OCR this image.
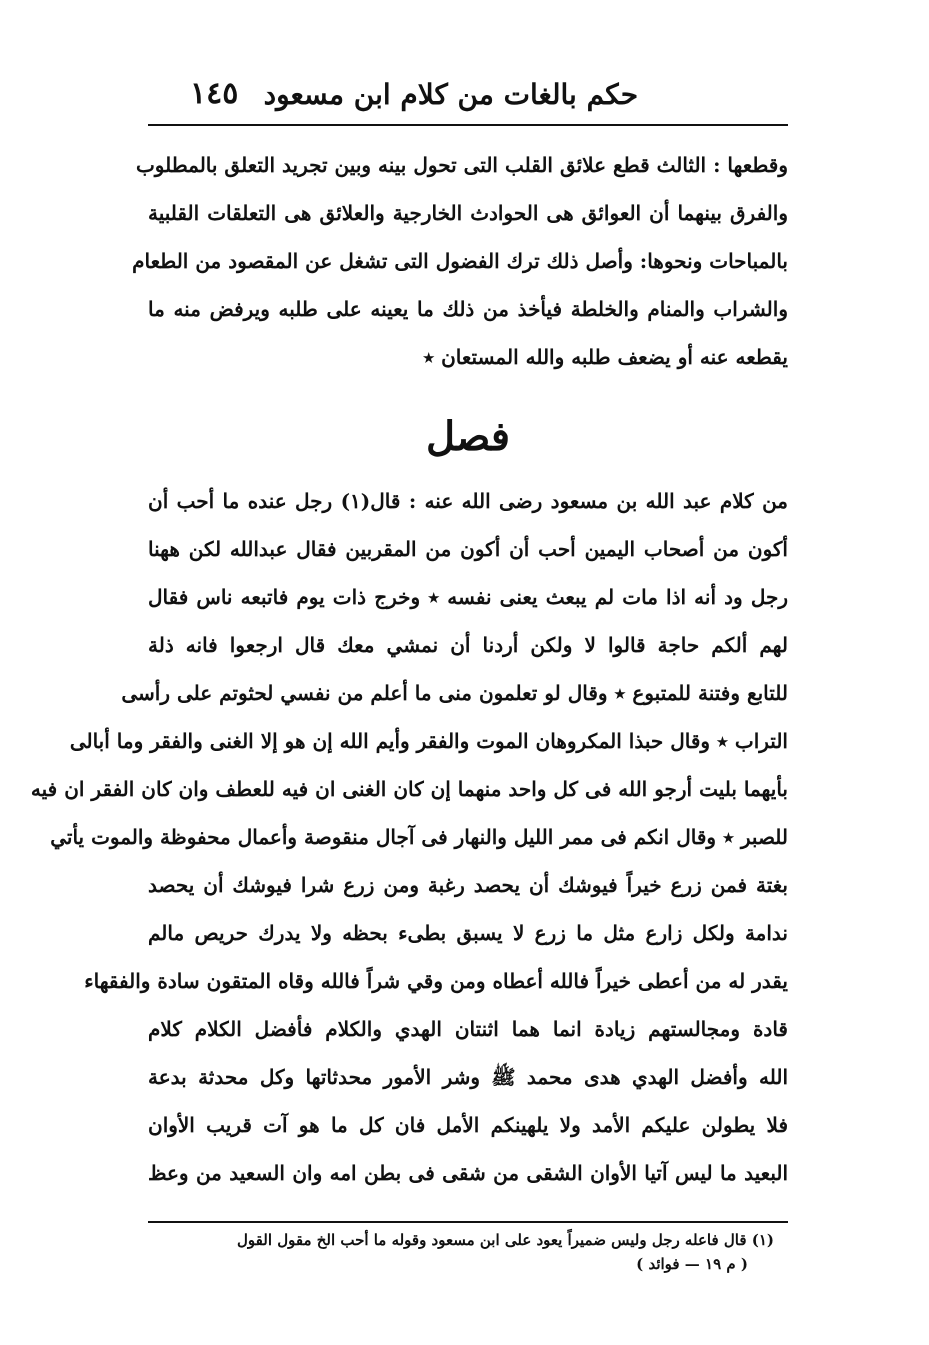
حكم بالغات من كلام ابن مسعود
١٤٥
وقطعها : الثالث قطع علائق القلب التى تحول بينه وبين تجريد التعلق بالمطلوب
والفرق بينهما أن العوائق هى الحوادث الخارجية والعلائق هى التعلقات القلبية
بالمباحات ونحوها: وأصل ذلك ترك الفضول التى تشغل عن المقصود من الطعام
والشراب والمنام والخلطة فيأخذ من ذلك ما يعينه على طلبه ويرفض منه ما
يقطعه عنه أو يضعف طلبه والله المستعان ٭
فصل
من كلام عبد الله بن مسعود رضى الله عنه : قال(١) رجل عنده ما أحب أن
أكون من أصحاب اليمين أحب أن أكون من المقربين فقال عبدالله لكن ههنا
رجل ود أنه اذا مات لم يبعث يعنى نفسه ٭ وخرج ذات يوم فاتبعه ناس فقال
لهم ألكم حاجة قالوا لا ولكن أردنا أن نمشي معك قال ارجعوا فانه ذلة
للتابع وفتنة للمتبوع ٭ وقال لو تعلمون منى ما أعلم من نفسي لحثوتم على رأسى
التراب ٭ وقال حبذا المكروهان الموت والفقر وأيم الله إن هو إلا الغنى والفقر وما أبالى
بأيهما بليت أرجو الله فى كل واحد منهما إن كان الغنى ان فيه للعطف وان كان الفقر ان فيه
للصبر ٭ وقال انكم فى ممر الليل والنهار فى آجال منقوصة وأعمال محفوظة والموت يأتي
بغتة فمن زرع خيراً فيوشك أن يحصد رغبة ومن زرع شرا فيوشك أن يحصد
ندامة ولكل زارع مثل ما زرع لا يسبق بطىء بحظه ولا يدرك حريص مالم
يقدر له من أعطى خيراً فالله أعطاه ومن وقي شراً فالله وقاه المتقون سادة والفقهاء
قادة ومجالستهم زيادة انما هما اثنتان الهدي والكلام فأفضل الكلام كلام
الله وأفضل الهدي هدى محمد ﷺ وشر الأمور محدثاتها وكل محدثة بدعة
فلا يطولن عليكم الأمد ولا يلهينكم الأمل فان كل ما هو آت قريب الأوان
البعيد ما ليس آتيا الأوان الشقى من شقى فى بطن امه وان السعيد من وعظ
(١) قال فاعله رجل وليس ضميراً يعود على ابن مسعود وقوله ما أحب الخ مقول القول
( م ١٩ — فوائد )
